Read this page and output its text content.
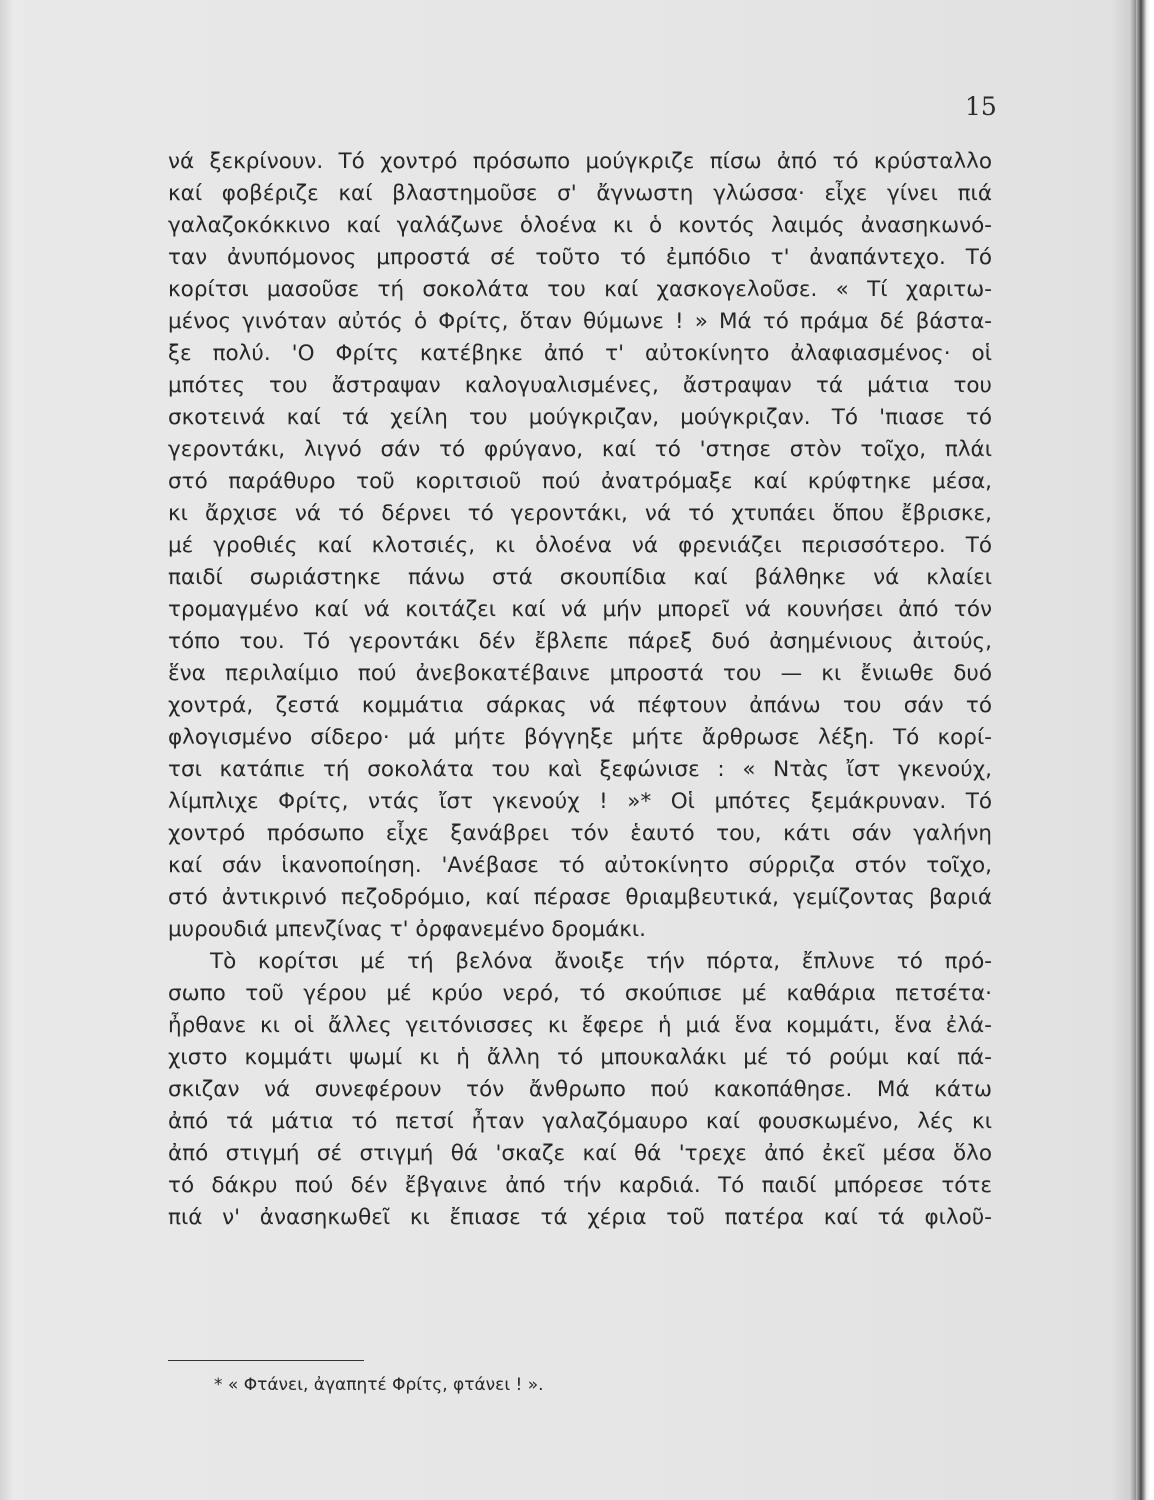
15
νά ξεκρίνουν. Τό χοντρό πρόσωπο μούγκριζε πίσω ἀπό τό κρύσταλλο
καί φοβέριζε καί βλαστημοῦσε σ' ἄγνωστη γλώσσα· εἶχε γίνει πιά
γαλαζοκόκκινο καί γαλάζωνε ὁλοένα κι ὁ κοντός λαιμός ἀνασηκωνό-
ταν ἀνυπόμονος μπροστά σέ τοῦτο τό ἐμπόδιο τ' ἀναπάντεχο. Τό
κορίτσι μασοῦσε τή σοκολάτα του καί χασκογελοῦσε. « Τί χαριτω-
μένος γινόταν αὐτός ὁ Φρίτς, ὅταν θύμωνε ! » Μά τό πράμα δέ βάστα-
ξε πολύ. 'Ο Φρίτς κατέβηκε ἀπό τ' αὐτοκίνητο ἀλαφιασμένος· οἱ
μπότες του ἄστραψαν καλογυαλισμένες, ἄστραψαν τά μάτια του
σκοτεινά καί τά χείλη του μούγκριζαν, μούγκριζαν. Τό 'πιασε τό
γεροντάκι, λιγνό σάν τό φρύγανο, καί τό 'στησε στὸν τοῖχο, πλάι
στό παράθυρο τοῦ κοριτσιοῦ πού ἀνατρόμαξε καί κρύφτηκε μέσα,
κι ἄρχισε νά τό δέρνει τό γεροντάκι, νά τό χτυπάει ὅπου ἔβρισκε,
μέ γροθιές καί κλοτσιές, κι ὁλοένα νά φρενιάζει περισσότερο. Τό
παιδί σωριάστηκε πάνω στά σκουπίδια καί βάλθηκε νά κλαίει
τρομαγμένο καί νά κοιτάζει καί νά μήν μπορεῖ νά κουνήσει ἀπό τόν
τόπο του. Τό γεροντάκι δέν ἔβλεπε πάρεξ δυό ἀσημένιους ἀιτούς,
ἕνα περιλαίμιο πού ἀνεβοκατέβαινε μπροστά του — κι ἔνιωθε δυό
χοντρά, ζεστά κομμάτια σάρκας νά πέφτουν ἀπάνω του σάν τό
φλογισμένο σίδερο· μά μήτε βόγγηξε μήτε ἄρθρωσε λέξη. Τό κορί-
τσι κατάπιε τή σοκολάτα του καὶ ξεφώνισε : « Ντὰς ἴστ γκενούχ,
λίμπλιχε Φρίτς, ντάς ἴστ γκενούχ ! »* Οἱ μπότες ξεμάκρυναν. Τό
χοντρό πρόσωπο εἶχε ξανάβρει τόν ἑαυτό του, κάτι σάν γαλήνη
καί σάν ἱκανοποίηση. 'Ανέβασε τό αὐτοκίνητο σύρριζα στόν τοῖχο,
στό ἀντικρινό πεζοδρόμιο, καί πέρασε θριαμβευτικά, γεμίζοντας βαριά
μυρουδιά μπενζίνας τ' ὀρφανεμένο δρομάκι.
Τὸ κορίτσι μέ τή βελόνα ἄνοιξε τήν πόρτα, ἔπλυνε τό πρό-
σωπο τοῦ γέρου μέ κρύο νερό, τό σκούπισε μέ καθάρια πετσέτα·
ἦρθανε κι οἱ ἄλλες γειτόνισσες κι ἔφερε ἡ μιά ἕνα κομμάτι, ἕνα ἐλά-
χιστο κομμάτι ψωμί κι ἡ ἄλλη τό μπουκαλάκι μέ τό ρούμι καί πά-
σκιζαν νά συνεφέρουν τόν ἄνθρωπο πού κακοπάθησε. Μά κάτω
ἀπό τά μάτια τό πετσί ἦταν γαλαζόμαυρο καί φουσκωμένο, λές κι
ἀπό στιγμή σέ στιγμή θά 'σκαζε καί θά 'τρεχε ἀπό ἐκεῖ μέσα ὅλο
τό δάκρυ πού δέν ἔβγαινε ἀπό τήν καρδιά. Τό παιδί μπόρεσε τότε
πιά ν' ἀνασηκωθεῖ κι ἔπιασε τά χέρια τοῦ πατέρα καί τά φιλοῦ-
* « Φτάνει, ἀγαπητέ Φρίτς, φτάνει ! ».
